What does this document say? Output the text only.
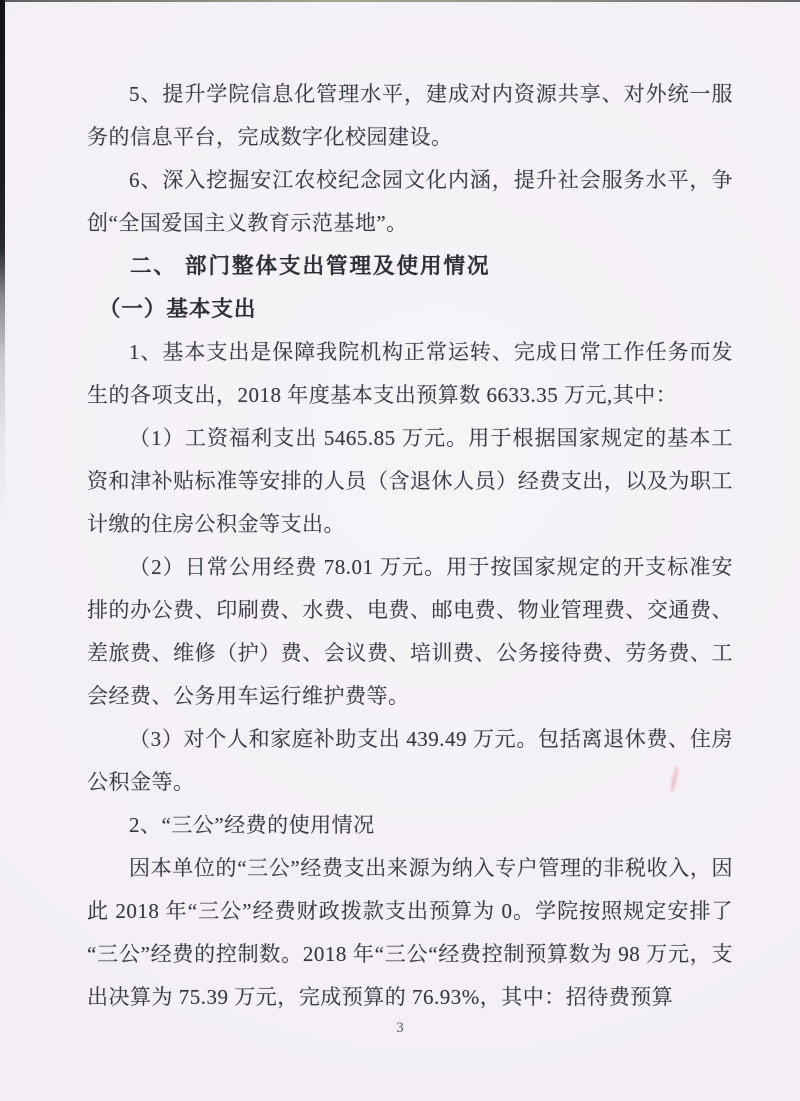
5、提升学院信息化管理水平，建成对内资源共享、对外统一服务的信息平台，完成数字化校园建设。

6、深入挖掘安江农校纪念园文化内涵，提升社会服务水平，争创“全国爱国主义教育示范基地”。

二、 部门整体支出管理及使用情况

（一）基本支出

1、基本支出是保障我院机构正常运转、完成日常工作任务而发生的各项支出，2018 年度基本支出预算数 6633.35 万元,其中：

（1）工资福利支出 5465.85 万元。用于根据国家规定的基本工资和津补贴标准等安排的人员（含退休人员）经费支出，以及为职工计缴的住房公积金等支出。

（2）日常公用经费 78.01 万元。用于按国家规定的开支标准安排的办公费、印刷费、水费、电费、邮电费、物业管理费、交通费、差旅费、维修（护）费、会议费、培训费、公务接待费、劳务费、工会经费、公务用车运行维护费等。

（3）对个人和家庭补助支出 439.49 万元。包括离退休费、住房公积金等。

2、“三公”经费的使用情况

因本单位的“三公”经费支出来源为纳入专户管理的非税收入，因此 2018 年“三公”经费财政拨款支出预算为 0。学院按照规定安排了 “三公”经费的控制数。2018 年“三公“经费控制预算数为 98 万元，支出决算为 75.39 万元，完成预算的 76.93%，其中：招待费预算

3
